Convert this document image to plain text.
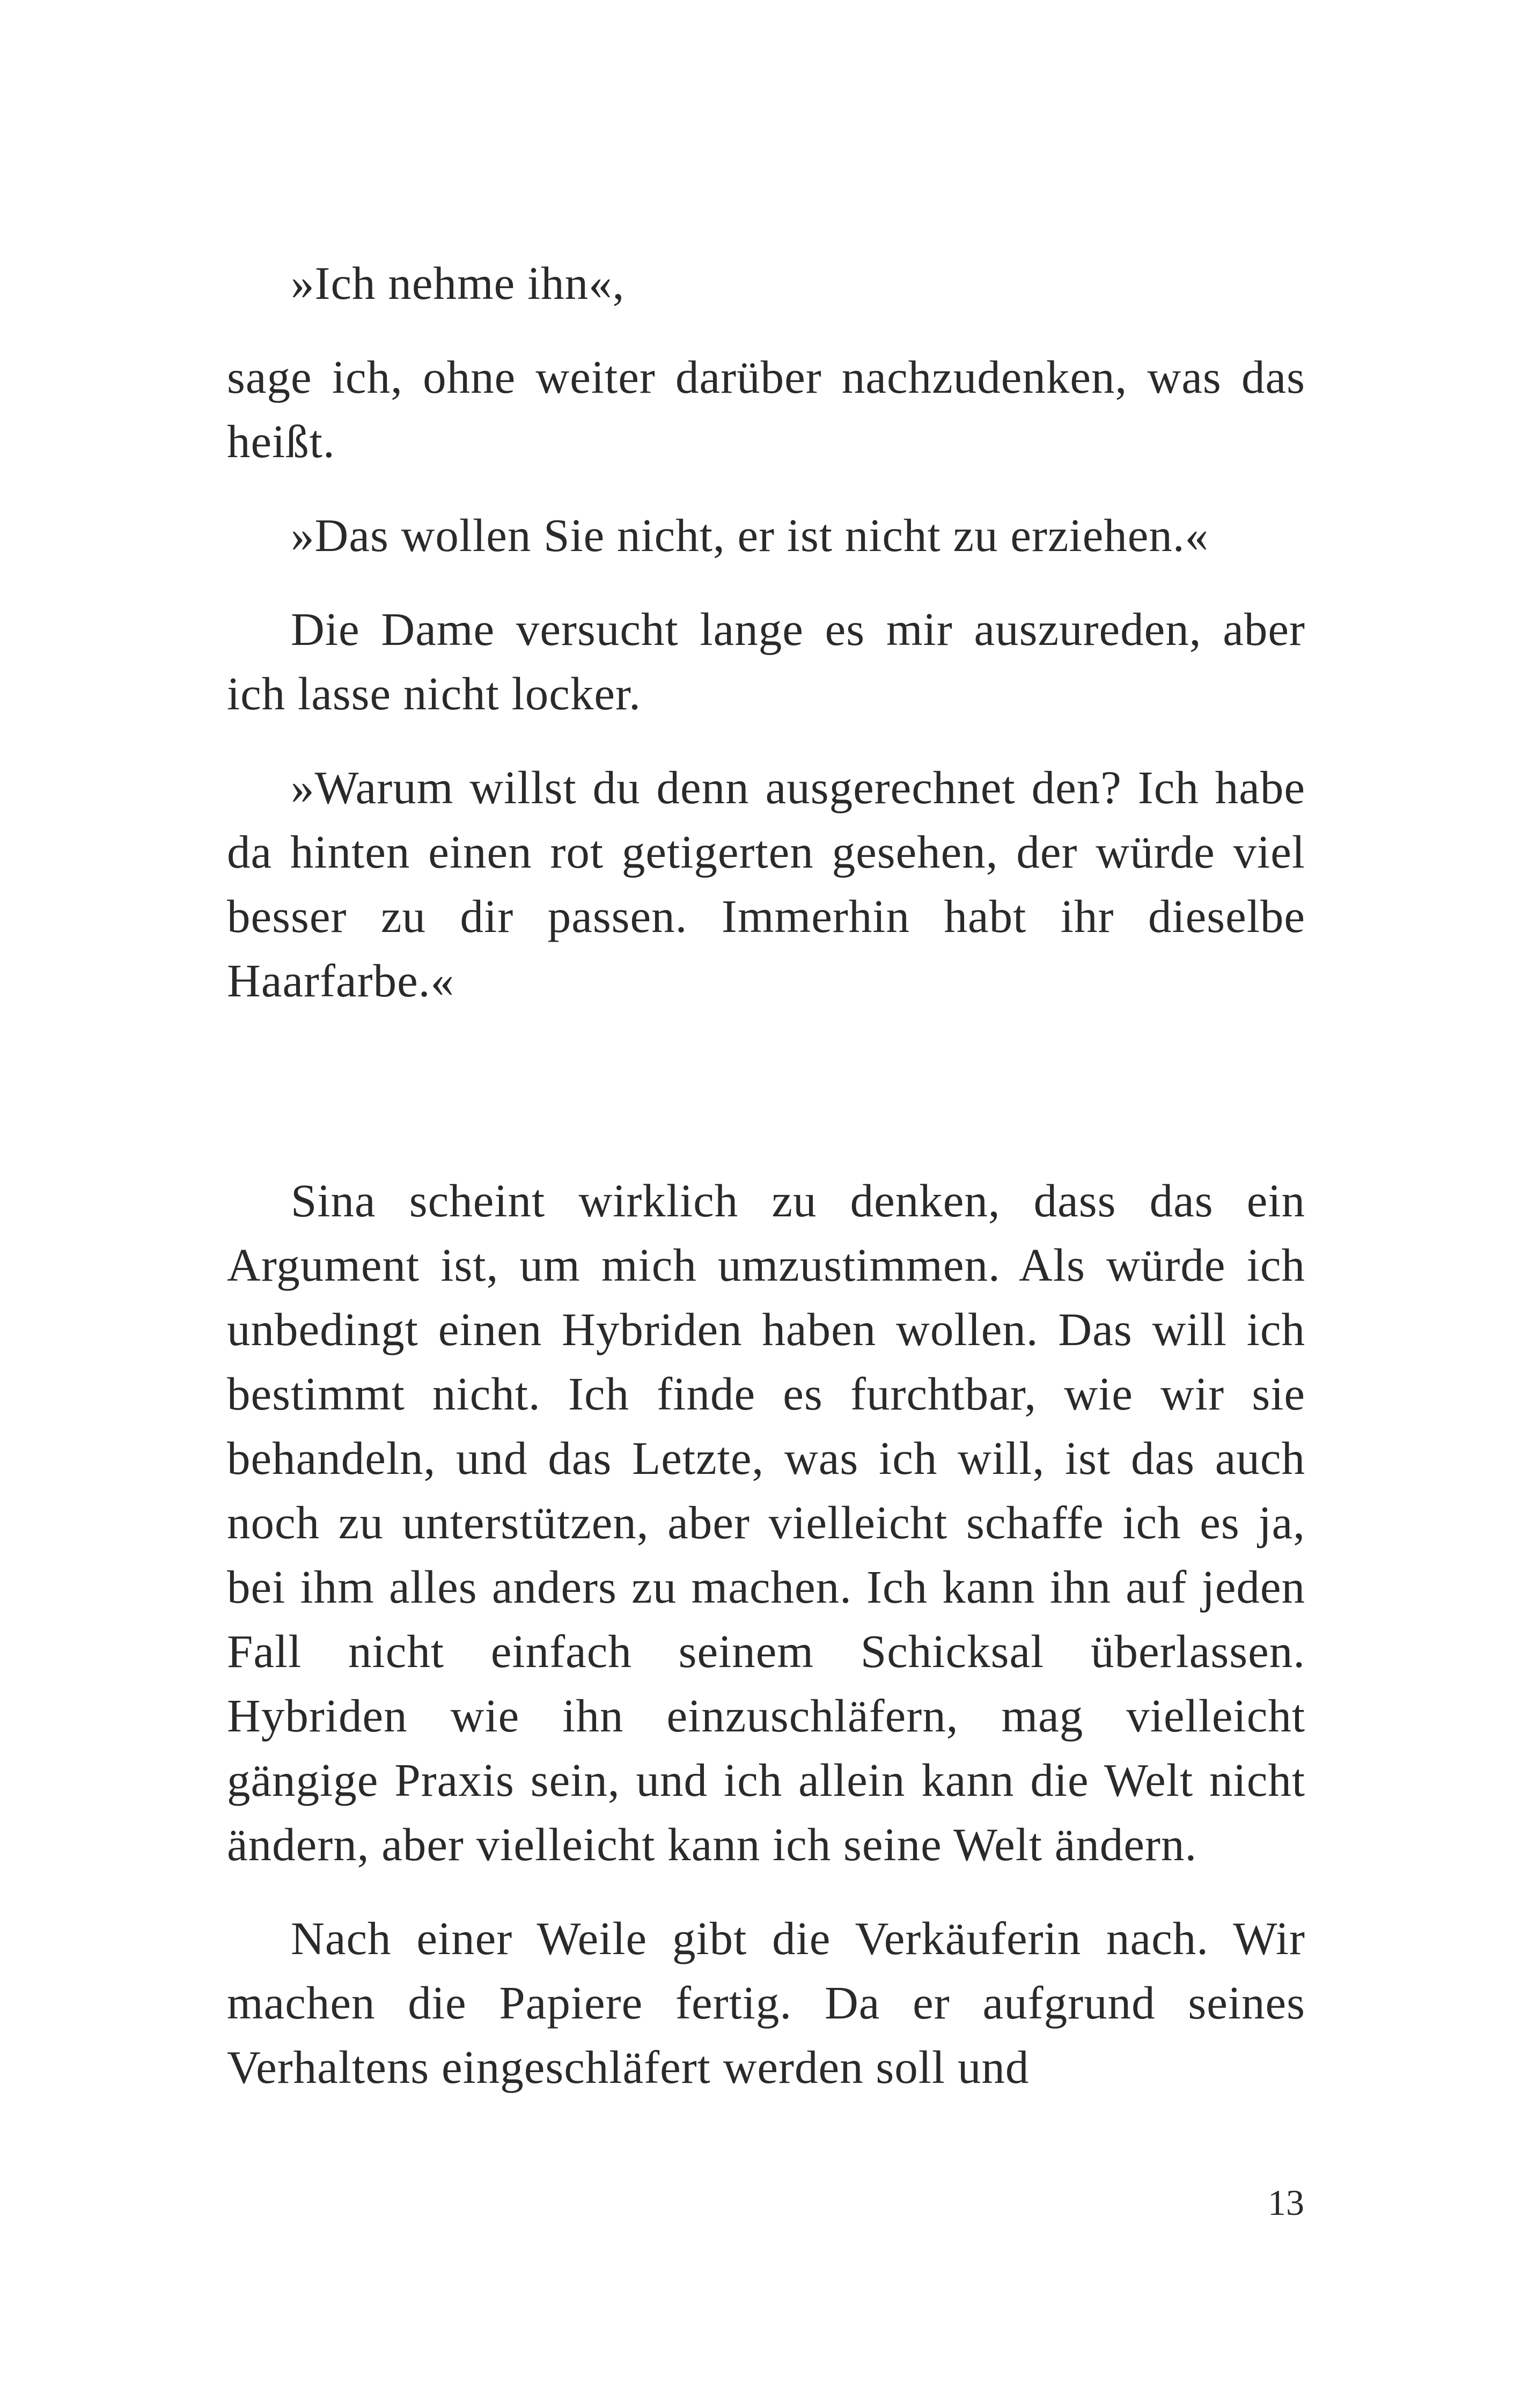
»Ich nehme ihn«,

sage ich, ohne weiter darüber nachzudenken, was das heißt.

»Das wollen Sie nicht, er ist nicht zu erziehen.«

Die Dame versucht lange es mir auszureden, aber ich lasse nicht locker.

»Warum willst du denn ausgerechnet den? Ich habe da hinten einen rot getigerten gesehen, der würde viel besser zu dir passen. Immerhin habt ihr dieselbe Haarfarbe.«

Sina scheint wirklich zu denken, dass das ein Argument ist, um mich umzustimmen. Als würde ich unbedingt einen Hybriden haben wollen. Das will ich bestimmt nicht. Ich finde es furchtbar, wie wir sie behandeln, und das Letzte, was ich will, ist das auch noch zu unterstützen, aber vielleicht schaffe ich es ja, bei ihm alles anders zu machen. Ich kann ihn auf jeden Fall nicht einfach seinem Schicksal überlassen. Hybriden wie ihn einzuschläfern, mag vielleicht gängige Praxis sein, und ich allein kann die Welt nicht ändern, aber vielleicht kann ich seine Welt ändern.

Nach einer Weile gibt die Verkäuferin nach. Wir machen die Papiere fertig. Da er aufgrund seines Verhaltens eingeschläfert werden soll und

13
